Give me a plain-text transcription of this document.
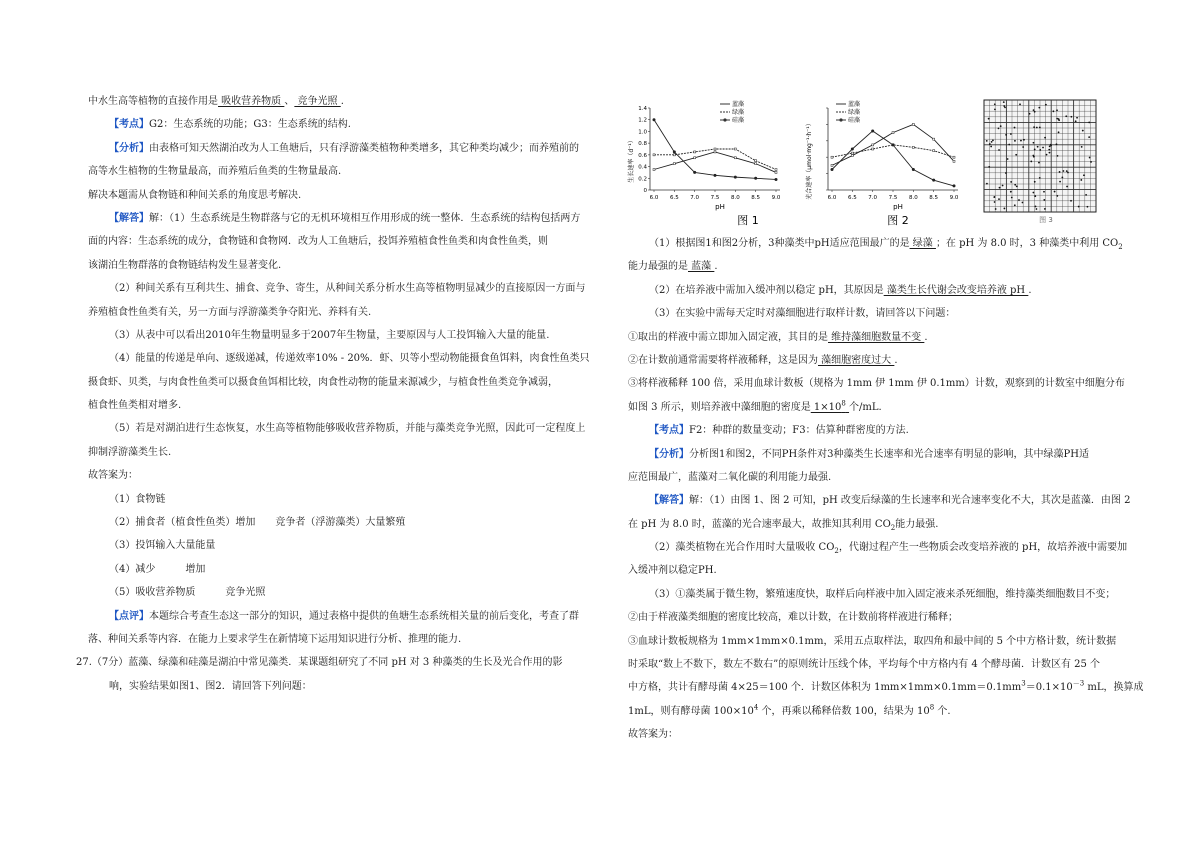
中水生高等植物的直接作用是 吸收营养物质 、 竞争光照 .
【考点】G2：生态系统的功能；G3：生态系统的结构.
【分析】由表格可知天然湖泊改为人工鱼塘后，只有浮游藻类植物种类增多，其它种类均减少；而养殖前的
高等水生植物的生物量最高，而养殖后鱼类的生物量最高.
解决本题需从食物链和种间关系的角度思考解决.
【解答】解：（1）生态系统是生物群落与它的无机环境相互作用形成的统一整体．生态系统的结构包括两方
面的内容：生态系统的成分，食物链和食物网．改为人工鱼塘后，投饵养殖植食性鱼类和肉食性鱼类，则
该湖泊生物群落的食物链结构发生显著变化.
（2）种间关系有互利共生、捕食、竞争、寄生，从种间关系分析水生高等植物明显减少的直接原因一方面与
养殖植食性鱼类有关，另一方面与浮游藻类争夺阳光、养料有关.
（3）从表中可以看出2010年生物量明显多于2007年生物量，主要原因与人工投饵输入大量的能量.
（4）能量的传递是单向、逐级递减，传递效率10% - 20%．虾、贝等小型动物能摄食鱼饵料，肉食性鱼类只
摄食虾、贝类，与肉食性鱼类可以摄食鱼饵相比较，肉食性动物的能量来源减少，与植食性鱼类竞争减弱，
植食性鱼类相对增多.
（5）若是对湖泊进行生态恢复，水生高等植物能够吸收营养物质，并能与藻类竞争光照，因此可一定程度上
抑制浮游藻类生长.
故答案为：
（1）食物链
（2）捕食者（植食性鱼类）增加　　竞争者（浮游藻类）大量繁殖
（3）投饵输入大量能量
（4）减少　　　增加
（5）吸收营养物质　　　竞争光照
【点评】本题综合考查生态这一部分的知识，通过表格中提供的鱼塘生态系统相关量的前后变化，考查了群
落、种间关系等内容．在能力上要求学生在新情境下运用知识进行分析、推理的能力.
27.（7分）蓝藻、绿藻和硅藻是湖泊中常见藻类．某课题组研究了不同 pH 对 3 种藻类的生长及光合作用的影
响，实验结果如图1、图2．请回答下列问题：
生长速率（d⁻¹）
6.0 6.5 7.0 7.5 8.0 8.5 9.0
0
0.2
0.4
0.6
0.8
1.0
1.2
1.4
pH
图 1
蓝藻
绿藻
硅藻	光合速率（μmol·mg⁻¹·h⁻¹）	6.0 6.5 7.0 7.5 8.0 8.5 9.0
pH
图 2
蓝藻
绿藻
硅藻
图 3
（1）根据图1和图2分析，3种藻类中pH适应范围最广的是 绿藻 ；在 pH 为 8.0 时，3 种藻类中利用 $CO_2$
能力最强的是 蓝藻 .
（2）在培养液中需加入缓冲剂以稳定 pH，其原因是 藻类生长代谢会改变培养液 pH .
（3）在实验中需每天定时对藻细胞进行取样计数，请回答以下问题：
①取出的样液中需立即加入固定液，其目的是 维持藻细胞数量不变 .
②在计数前通常需要将样液稀释，这是因为 藻细胞密度过大 .
③将样液稀释 100 倍，采用血球计数板（规格为 1mm 伊 1mm 伊 0.1mm）计数，观察到的计数室中细胞分布
如图 3 所示，则培养液中藻细胞的密度是 $1\times 10^8$ 个/mL.
【考点】F2：种群的数量变动；F3：估算种群密度的方法.
【分析】分析图1和图2，不同PH条件对3种藻类生长速率和光合速率有明显的影响，其中绿藻PH适
应范围最广，蓝藻对二氧化碳的利用能力最强.
【解答】解：（1）由图 1、图 2 可知，pH 改变后绿藻的生长速率和光合速率变化不大，其次是蓝藻．由图 2
在 pH 为 8.0 时，蓝藻的光合速率最大，故推知其利用 $CO_2$能力最强.
（2）藻类植物在光合作用时大量吸收 $CO_2$，代谢过程产生一些物质会改变培养液的 pH，故培养液中需要加
入缓冲剂以稳定PH.
（3）①藻类属于微生物，繁殖速度快，取样后向样液中加入固定液来杀死细胞，维持藻类细胞数目不变；
②由于样液藻类细胞的密度比较高，难以计数，在计数前将样液进行稀释；
③血球计数板规格为 1mm×1mm×0.1mm，采用五点取样法，取四角和最中间的 5 个中方格计数，统计数据
时采取“数上不数下，数左不数右”的原则统计压线个体，平均每个中方格内有 4 个酵母菌．计数区有 25 个
中方格，共计有酵母菌 4×25＝100 个．计数区体积为 $1mm\times 1mm\times 0.1mm=0.1mm^3=0.1\times 10^{-3}$ mL，换算成
1mL，则有酵母菌 $100\times 10^4$ 个，再乘以稀释倍数 100，结果为 $10^8$ 个.
故答案为：
